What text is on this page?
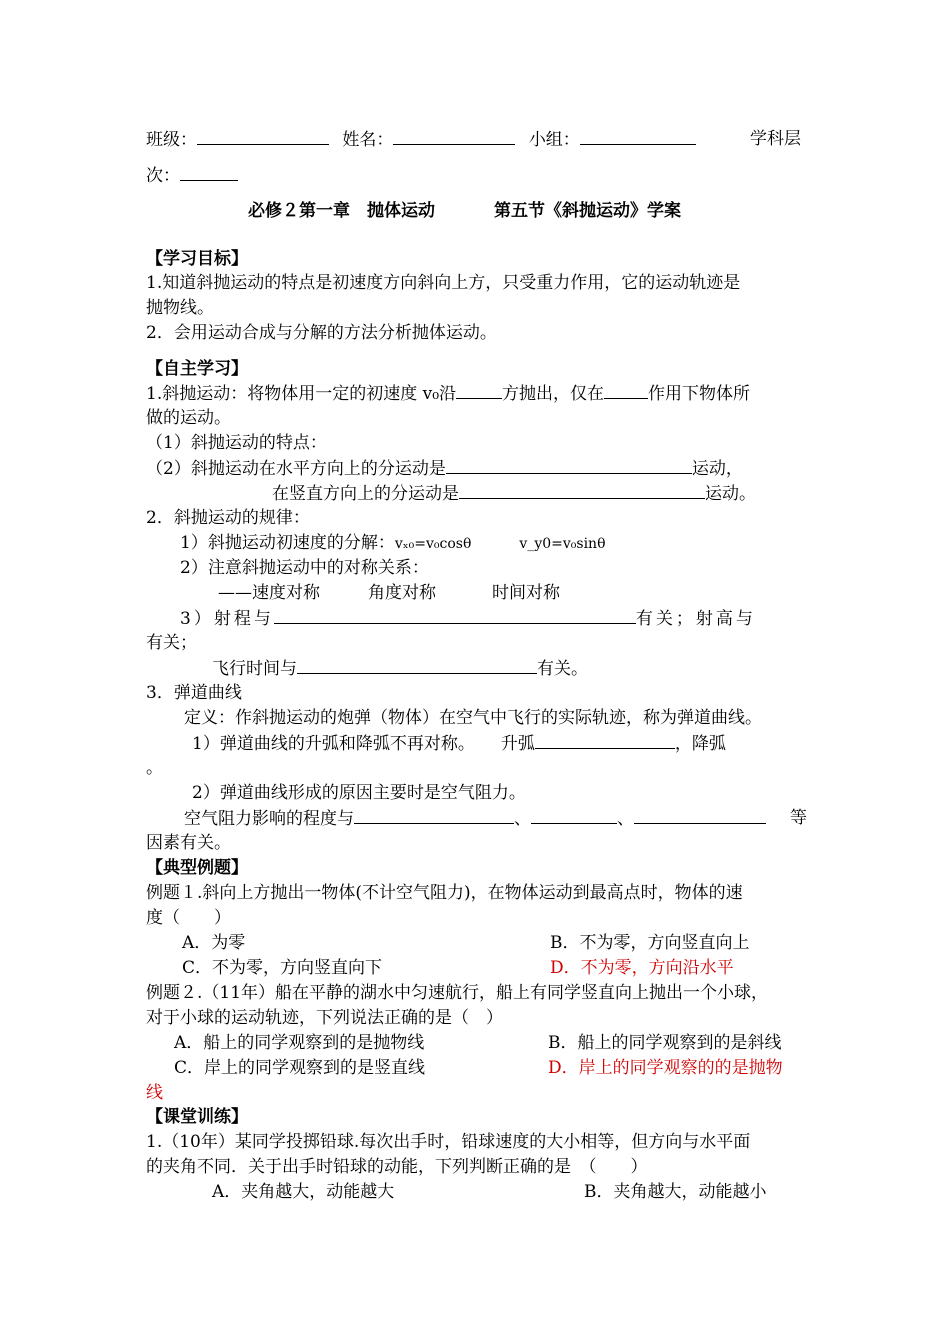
班级：	姓名：	小组：	学科层
次：
必修２第一章　抛体运动	第五节《斜抛运动》学案
【学习目标】
1.知道斜抛运动的特点是初速度方向斜向上方，只受重力作用，它的运动轨迹是
抛物线。
2．会用运动合成与分解的方法分析抛体运动。
【自主学习】
1.斜抛运动：将物体用一定的初速度 v₀沿	方抛出，仅在	作用下物体所
做的运动。
（1）斜抛运动的特点：
（2）斜抛运动在水平方向上的分运动是	运动，
在竖直方向上的分运动是	运动。
2．斜抛运动的规律：
1）斜抛运动初速度的分解：vₓ₀=v₀cosθ	v_y0=v₀sinθ
2）注意斜抛运动中的对称关系：
——速度对称	角度对称	时间对称
3）射程与	有关；射高与
有关；
飞行时间与	有关。
3．弹道曲线
定义：作斜抛运动的炮弹（物体）在空气中飞行的实际轨迹，称为弹道曲线。
1）弹道曲线的升弧和降弧不再对称。 升弧	，降弧
。
2）弹道曲线形成的原因主要时是空气阻力。
空气阻力影响的程度与	、	、	等
因素有关。
【典型例题】
例题１.斜向上方抛出一物体(不计空气阻力)，在物体运动到最高点时，物体的速
度（　　）
A．为零	B．不为零，方向竖直向上
C．不为零，方向竖直向下	D．不为零，方向沿水平
例题２.（11年）船在平静的湖水中匀速航行，船上有同学竖直向上抛出一个小球，
对于小球的运动轨迹，下列说法正确的是（　）
A．船上的同学观察到的是抛物线	B．船上的同学观察到的是斜线
C．岸上的同学观察到的是竖直线	D．岸上的同学观察的的是抛物
线
【课堂训练】
1.（10年）某同学投掷铅球.每次出手时，铅球速度的大小相等，但方向与水平面
的夹角不同．关于出手时铅球的动能，下列判断正确的是　（　　）
A．夹角越大，动能越大	B．夹角越大，动能越小
